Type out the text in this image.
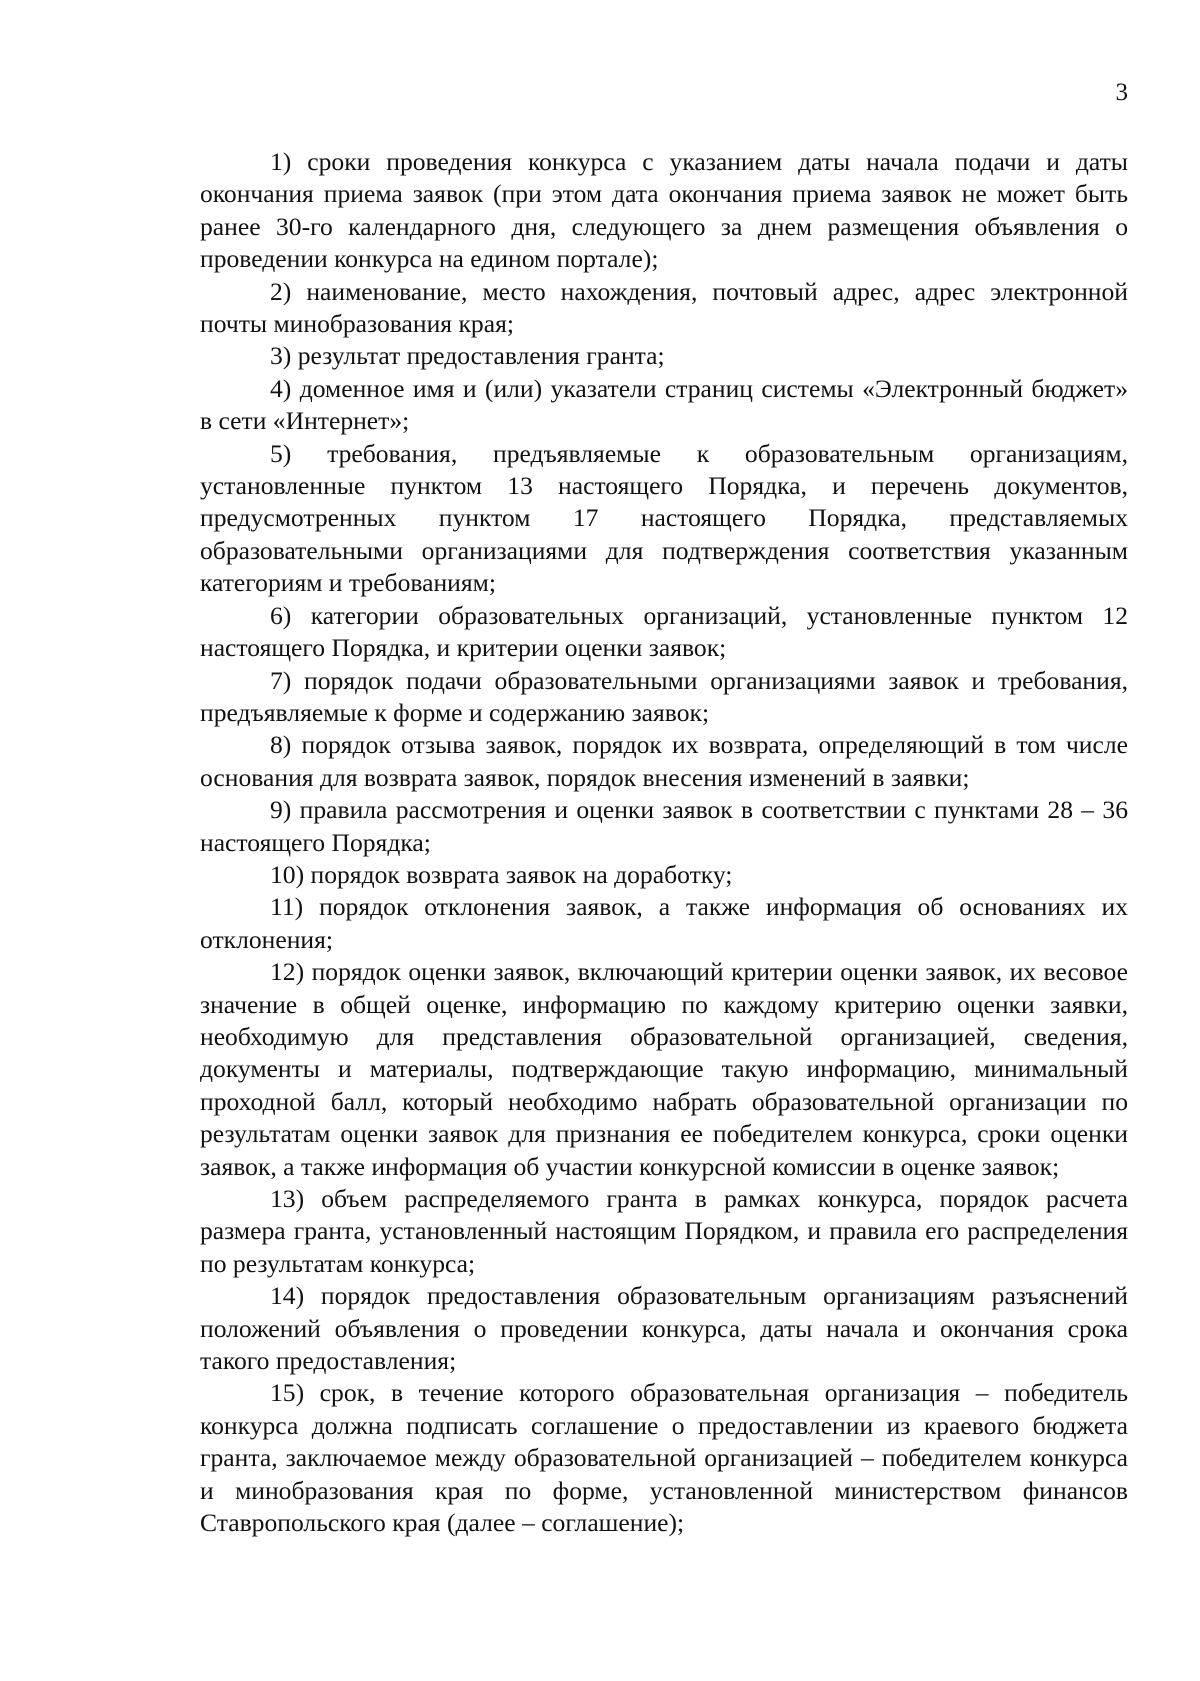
3

1) сроки проведения конкурса с указанием даты начала подачи и даты окончания приема заявок (при этом дата окончания приема заявок не может быть ранее 30-го календарного дня, следующего за днем размещения объявления о проведении конкурса на едином портале);

2) наименование, место нахождения, почтовый адрес, адрес электронной почты минобразования края;

3) результат предоставления гранта;

4) доменное имя и (или) указатели страниц системы «Электронный бюджет» в сети «Интернет»;

5) требования, предъявляемые к образовательным организациям, установленные пунктом 13 настоящего Порядка, и перечень документов, предусмотренных пунктом 17 настоящего Порядка, представляемых образовательными организациями для подтверждения соответствия указанным категориям и требованиям;

6) категории образовательных организаций, установленные пунктом 12 настоящего Порядка, и критерии оценки заявок;

7) порядок подачи образовательными организациями заявок и требования, предъявляемые к форме и содержанию заявок;

8) порядок отзыва заявок, порядок их возврата, определяющий в том числе основания для возврата заявок, порядок внесения изменений в заявки;

9) правила рассмотрения и оценки заявок в соответствии с пунктами 28 – 36 настоящего Порядка;

10) порядок возврата заявок на доработку;

11) порядок отклонения заявок, а также информация об основаниях их отклонения;

12) порядок оценки заявок, включающий критерии оценки заявок, их весовое значение в общей оценке, информацию по каждому критерию оценки заявки, необходимую для представления образовательной организацией, сведения, документы и материалы, подтверждающие такую информацию, минимальный проходной балл, который необходимо набрать образовательной организации по результатам оценки заявок для признания ее победителем конкурса, сроки оценки заявок, а также информация об участии конкурсной комиссии в оценке заявок;

13) объем распределяемого гранта в рамках конкурса, порядок расчета размера гранта, установленный настоящим Порядком, и правила его распределения по результатам конкурса;

14) порядок предоставления образовательным организациям разъяснений положений объявления о проведении конкурса, даты начала и окончания срока такого предоставления;

15) срок, в течение которого образовательная организация – победитель конкурса должна подписать соглашение о предоставлении из краевого бюджета гранта, заключаемое между образовательной организацией – победителем конкурса и минобразования края по форме, установленной министерством финансов Ставропольского края (далее – соглашение);
